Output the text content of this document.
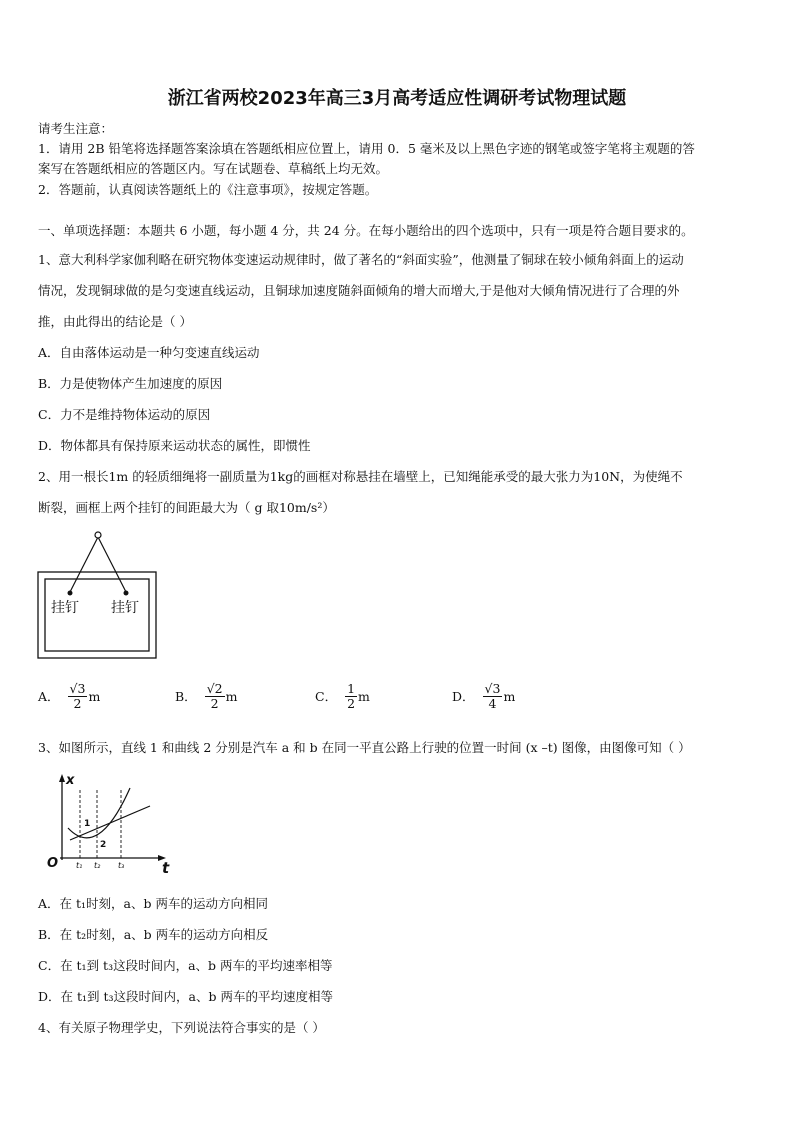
浙江省两校2023年高三3月高考适应性调研考试物理试题
请考生注意：
1．请用 2B 铅笔将选择题答案涂填在答题纸相应位置上，请用 0．5 毫米及以上黑色字迹的钢笔或签字笔将主观题的答
案写在答题纸相应的答题区内。写在试题卷、草稿纸上均无效。
2．答题前，认真阅读答题纸上的《注意事项》，按规定答题。
一、单项选择题：本题共 6 小题，每小题 4 分，共 24 分。在每小题给出的四个选项中，只有一项是符合题目要求的。
1、意大利科学家伽利略在研究物体变速运动规律时，做了著名的“斜面实验”，他测量了铜球在较小倾角斜面上的运动
情况，发现铜球做的是匀变速直线运动，且铜球加速度随斜面倾角的增大而增大,于是他对大倾角情况进行了合理的外
推，由此得出的结论是（ ）
A．自由落体运动是一种匀变速直线运动
B．力是使物体产生加速度的原因
C．力不是维持物体运动的原因
D．物体都具有保持原来运动状态的属性，即惯性
2、用一根长1m 的轻质细绳将一副质量为1kg的画框对称悬挂在墙壁上，已知绳能承受的最大张力为10N，为使绳不
断裂，画框上两个挂钉的间距最大为（ g 取10m/s²）
挂钉 挂钉
A． $\frac{√3}{2}$ m	B． $\frac{√2}{2}$ m	C． $\frac{1}{2}$ m	D． $\frac{√3}{4}$ m
3、如图所示，直线 1 和曲线 2 分别是汽车 a 和 b 在同一平直公路上行驶的位置一时间 (x –t) 图像，由图像可知（ ）
x
t
O t₁ t₂ t₃
1
2
A．在 t₁时刻，a、b 两车的运动方向相同
B．在 t₂时刻，a、b 两车的运动方向相反
C．在 t₁到 t₃这段时间内，a、b 两车的平均速率相等
D．在 t₁到 t₃这段时间内，a、b 两车的平均速度相等
4、有关原子物理学史，下列说法符合事实的是（ ）
